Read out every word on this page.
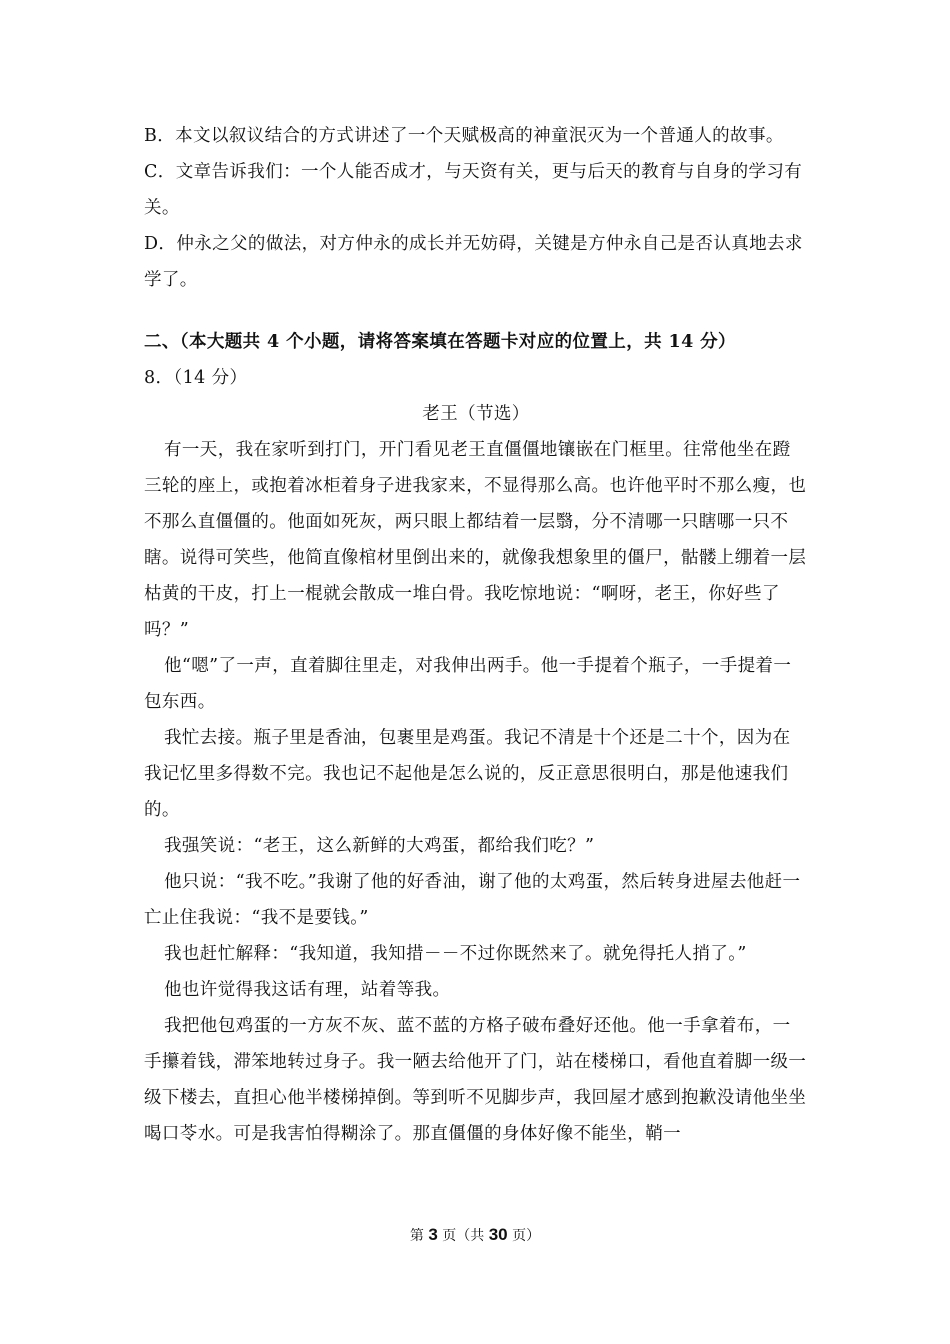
B．本文以叙议结合的方式讲述了一个天赋极高的神童泯灭为一个普通人的故事。

C．文章告诉我们：一个人能否成才，与天资有关，更与后天的教育与自身的学习有关。

D．仲永之父的做法，对方仲永的成长并无妨碍，关键是方仲永自己是否认真地去求学了。

二、（本大题共 4 个小题，请将答案填在答题卡对应的位置上，共 14 分）

8．（14 分）

老王（节选）

有一天，我在家听到打门，开门看见老王直僵僵地镶嵌在门框里。往常他坐在蹬三轮的座上，或抱着冰柜着身子进我家来，不显得那么高。也许他平时不那么瘦，也不那么直僵僵的。他面如死灰，两只眼上都结着一层翳，分不清哪一只瞎哪一只不瞎。说得可笑些，他简直像棺材里倒出来的，就像我想象里的僵尸，骷髅上绷着一层枯黄的干皮，打上一棍就会散成一堆白骨。我吃惊地说：“啊呀，老王，你好些了吗？”

他“嗯”了一声，直着脚往里走，对我伸出两手。他一手提着个瓶子，一手提着一包东西。

我忙去接。瓶子里是香油，包裹里是鸡蛋。我记不清是十个还是二十个，因为在我记忆里多得数不完。我也记不起他是怎么说的，反正意思很明白，那是他速我们的。

我强笑说：“老王，这么新鲜的大鸡蛋，都给我们吃？”

他只说：“我不吃。”我谢了他的好香油，谢了他的太鸡蛋，然后转身进屋去他赶一亡止住我说：“我不是要钱。”

我也赶忙解释：“我知道，我知措－－不过你既然来了。就免得托人捎了。”

他也许觉得我这话有理，站着等我。

我把他包鸡蛋的一方灰不灰、蓝不蓝的方格子破布叠好还他。他一手拿着布，一手攥着钱，滞笨地转过身子。我一陋去给他开了门，站在楼梯口，看他直着脚一级一级下楼去，直担心他半楼梯掉倒。等到听不见脚步声，我回屋才感到抱歉没请他坐坐喝口苓水。可是我害怕得糊涂了。那直僵僵的身体好像不能坐，鞘一

第 3 页（共 30 页）
